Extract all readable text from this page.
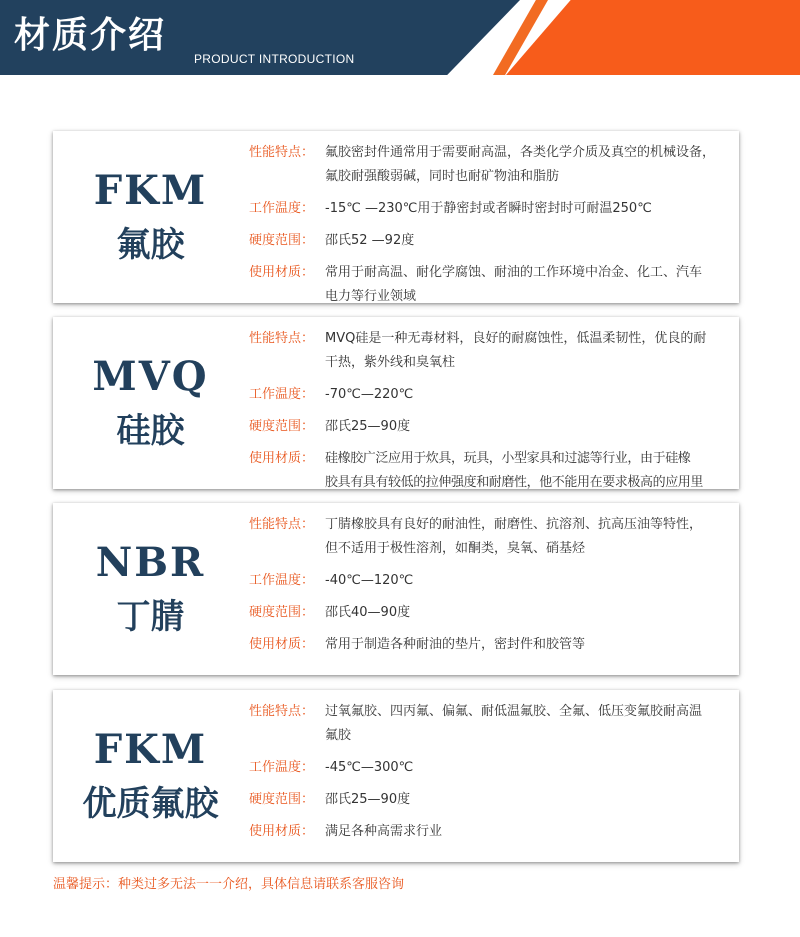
材质介绍
PRODUCT INTRODUCTION
FKM
氟胶
性能特点： 氟胶密封件通常用于需要耐高温，各类化学介质及真空的机械设备，
氟胶耐强酸弱碱，同时也耐矿物油和脂肪
工作温度： -15℃ —230℃用于静密封或者瞬时密封时可耐温250℃
硬度范围： 邵氏52 —92度
使用材质： 常用于耐高温、耐化学腐蚀、耐油的工作环境中冶金、化工、汽车
电力等行业领域
MVQ
硅胶
性能特点： MVQ硅是一种无毒材料，良好的耐腐蚀性，低温柔韧性，优良的耐
干热，紫外线和臭氧柱
工作温度： -70℃—220℃
硬度范围： 邵氏25—90度
使用材质： 硅橡胶广泛应用于炊具，玩具，小型家具和过滤等行业，由于硅橡
胶具有具有较低的拉伸强度和耐磨性，他不能用在要求极高的应用里
NBR
丁腈
性能特点： 丁腈橡胶具有良好的耐油性，耐磨性、抗溶剂、抗高压油等特性，
但不适用于极性溶剂，如酮类，臭氧、硝基烃
工作温度： -40℃—120℃
硬度范围： 邵氏40—90度
使用材质： 常用于制造各种耐油的垫片，密封件和胶管等
FKM
优质氟胶
性能特点： 过氧氟胶、四丙氟、偏氟、耐低温氟胶、全氟、低压变氟胶耐高温
氟胶
工作温度： -45℃—300℃
硬度范围： 邵氏25—90度
使用材质： 满足各种高需求行业
温馨提示：种类过多无法一一介绍，具体信息请联系客服咨询
